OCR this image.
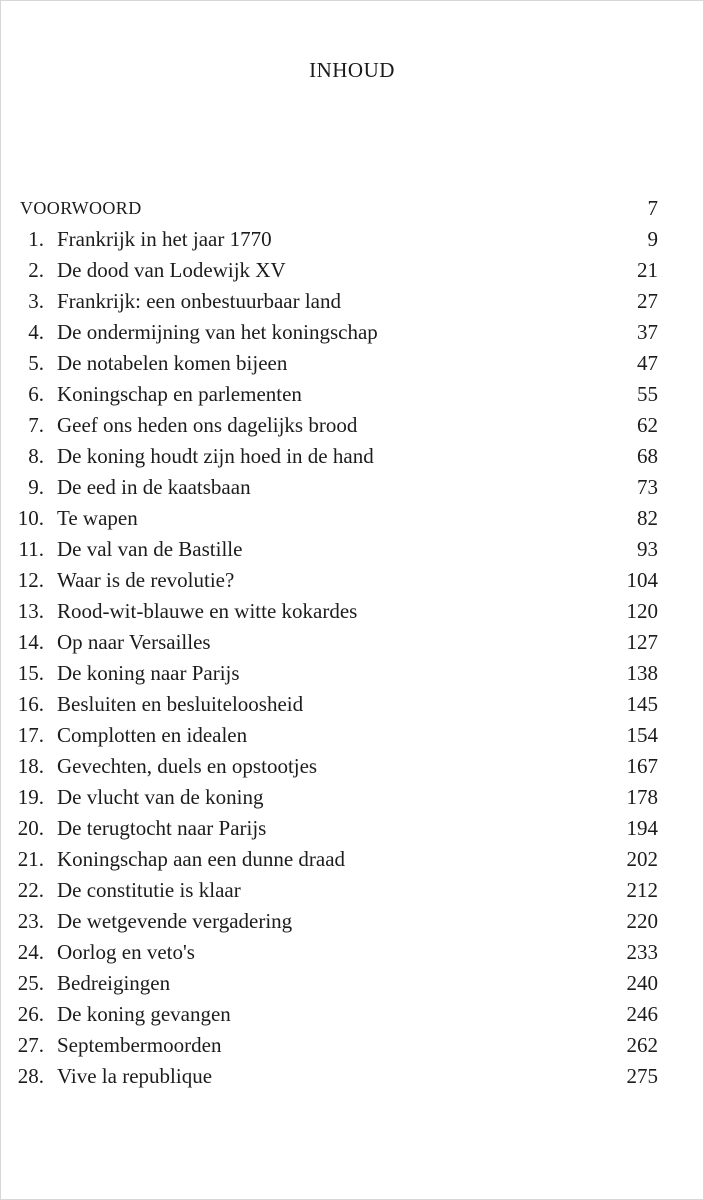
INHOUD
VOORWOORD	7
1. Frankrijk in het jaar 1770	9
2. De dood van Lodewijk XV	21
3. Frankrijk: een onbestuurbaar land	27
4. De ondermijning van het koningschap	37
5. De notabelen komen bijeen	47
6. Koningschap en parlementen	55
7. Geef ons heden ons dagelijks brood	62
8. De koning houdt zijn hoed in de hand	68
9. De eed in de kaatsbaan	73
10. Te wapen	82
11. De val van de Bastille	93
12. Waar is de revolutie?	104
13. Rood-wit-blauwe en witte kokardes	120
14. Op naar Versailles	127
15. De koning naar Parijs	138
16. Besluiten en besluiteloosheid	145
17. Complotten en idealen	154
18. Gevechten, duels en opstootjes	167
19. De vlucht van de koning	178
20. De terugtocht naar Parijs	194
21. Koningschap aan een dunne draad	202
22. De constitutie is klaar	212
23. De wetgevende vergadering	220
24. Oorlog en veto's	233
25. Bedreigingen	240
26. De koning gevangen	246
27. Septembermoorden	262
28. Vive la republique	275
